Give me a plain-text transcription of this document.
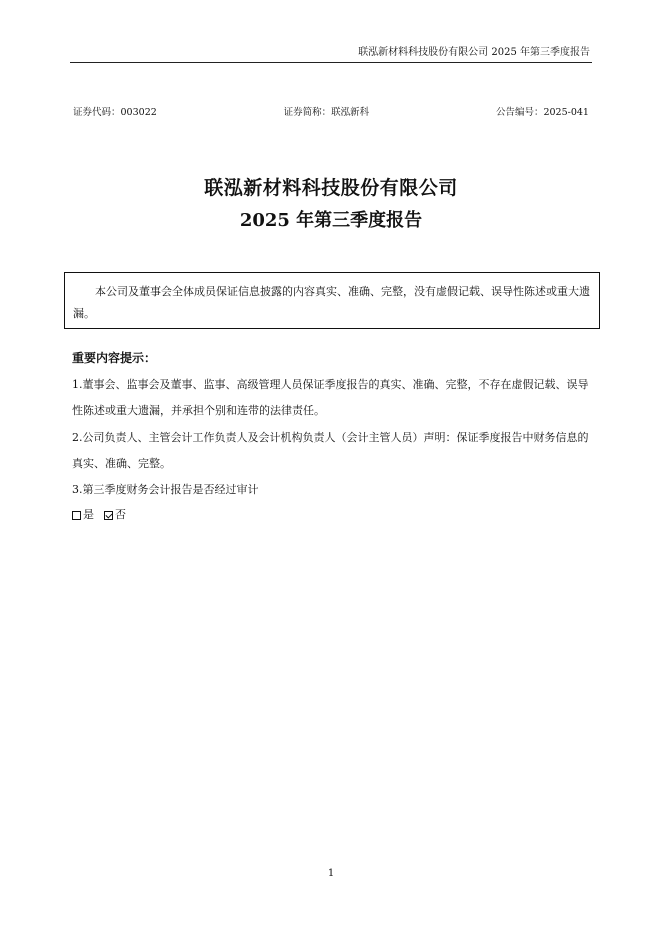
联泓新材料科技股份有限公司 2025 年第三季度报告
证券代码： 003022	证券简称： 联泓新科	公告编号： 2025-041
联泓新材料科技股份有限公司
2025 年第三季度报告
本公司及董事会全体成员保证信息披露的内容真实、准确、完整，没有虚假记载、误导性陈述或重大遗漏。
重要内容提示：
1.董事会、监事会及董事、监事、高级管理人员保证季度报告的真实、准确、完整，不存在虚假记载、误导性陈述或重大遗漏，并承担个别和连带的法律责任。
2.公司负责人、主管会计工作负责人及会计机构负责人（会计主管人员）声明：保证季度报告中财务信息的真实、准确、完整。
3.第三季度财务会计报告是否经过审计
是 否
1
